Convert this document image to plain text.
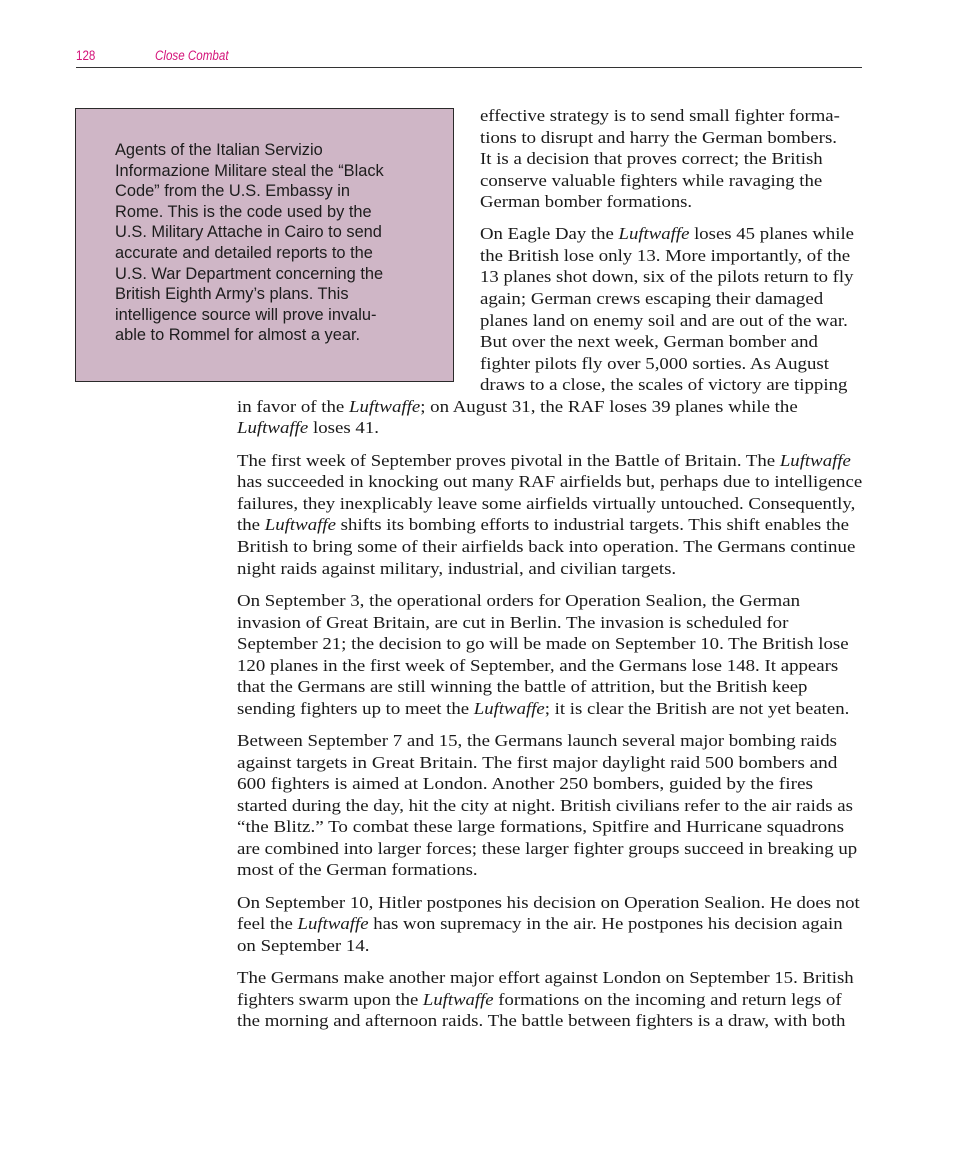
128	Close Combat

Agents of the Italian Servizio
Informazione Militare steal the “Black
Code” from the U.S. Embassy in
Rome. This is the code used by the
U.S. Military Attache in Cairo to send
accurate and detailed reports to the
U.S. War Department concerning the
British Eighth Army’s plans. This
intelligence source will prove invalu-
able to Rommel for almost a year.

effective strategy is to send small fighter forma-
tions to disrupt and harry the German bombers.
It is a decision that proves correct; the British
conserve valuable fighters while ravaging the
German bomber formations.
On Eagle Day the Luftwaffe loses 45 planes while
the British lose only 13. More importantly, of the
13 planes shot down, six of the pilots return to fly
again; German crews escaping their damaged
planes land on enemy soil and are out of the war.
But over the next week, German bomber and
fighter pilots fly over 5,000 sorties. As August
draws to a close, the scales of victory are tipping
in favor of the Luftwaffe; on August 31, the RAF loses 39 planes while the
Luftwaffe loses 41.
The first week of September proves pivotal in the Battle of Britain. The Luftwaffe
has succeeded in knocking out many RAF airfields but, perhaps due to intelligence
failures, they inexplicably leave some airfields virtually untouched. Consequently,
the Luftwaffe shifts its bombing efforts to industrial targets. This shift enables the
British to bring some of their airfields back into operation. The Germans continue
night raids against military, industrial, and civilian targets.
On September 3, the operational orders for Operation Sealion, the German
invasion of Great Britain, are cut in Berlin. The invasion is scheduled for
September 21; the decision to go will be made on September 10. The British lose
120 planes in the first week of September, and the Germans lose 148. It appears
that the Germans are still winning the battle of attrition, but the British keep
sending fighters up to meet the Luftwaffe; it is clear the British are not yet beaten.
Between September 7 and 15, the Germans launch several major bombing raids
against targets in Great Britain. The first major daylight raid 500 bombers and
600 fighters is aimed at London. Another 250 bombers, guided by the fires
started during the day, hit the city at night. British civilians refer to the air raids as
“the Blitz.” To combat these large formations, Spitfire and Hurricane squadrons
are combined into larger forces; these larger fighter groups succeed in breaking up
most of the German formations.
On September 10, Hitler postpones his decision on Operation Sealion. He does not
feel the Luftwaffe has won supremacy in the air. He postpones his decision again
on September 14.
The Germans make another major effort against London on September 15. British
fighters swarm upon the Luftwaffe formations on the incoming and return legs of
the morning and afternoon raids. The battle between fighters is a draw, with both
